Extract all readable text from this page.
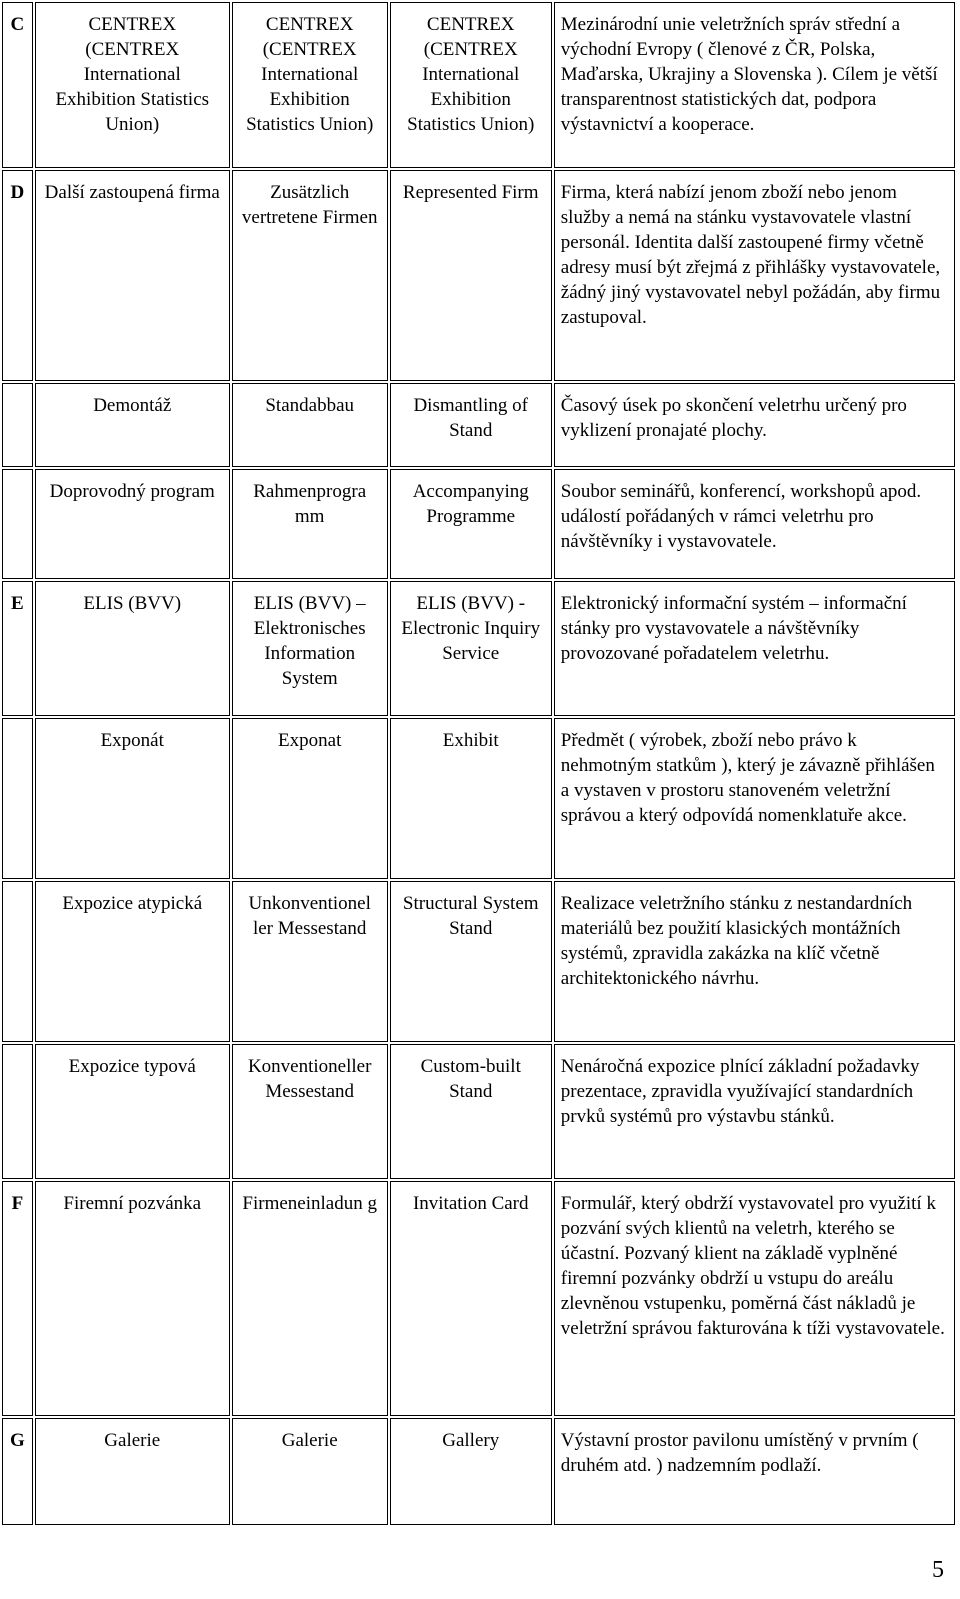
C	CENTREX (CENTREX International Exhibition Statistics Union)	CENTREX (CENTREX International Exhibition Statistics Union)	CENTREX (CENTREX International Exhibition Statistics Union)	Mezinárodní unie veletržních správ střední a východní Evropy ( členové z ČR, Polska, Maďarska, Ukrajiny a Slovenska ). Cílem je větší transparentnost statistických dat, podpora výstavnictví a kooperace.
D	Další zastoupená firma	Zusätzlich vertretene Firmen	Represented Firm	Firma, která nabízí jenom zboží nebo jenom služby a nemá na stánku vystavovatele vlastní personál. Identita další zastoupené firmy včetně adresy musí být zřejmá z přihlášky vystavovatele, žádný jiný vystavovatel nebyl požádán, aby firmu zastupoval.
	Demontáž	Standabbau	Dismantling of Stand	Časový úsek po skončení veletrhu určený pro vyklizení pronajaté plochy.
	Doprovodný program	Rahmenprogra mm	Accompanying Programme	Soubor seminářů, konferencí, workshopů apod. událostí pořádaných v rámci veletrhu pro návštěvníky i vystavovatele.
E	ELIS (BVV)	ELIS (BVV) – Elektronisches Information System	ELIS (BVV) - Electronic Inquiry Service	Elektronický informační systém – informační stánky pro vystavovatele a návštěvníky provozované pořadatelem veletrhu.
	Exponát	Exponat	Exhibit	Předmět ( výrobek, zboží nebo právo k nehmotným statkům ), který je závazně přihlášen a vystaven v prostoru stanoveném veletržní správou a který odpovídá nomenklatuře akce.
	Expozice atypická	Unkonventionel ler Messestand	Structural System Stand	Realizace veletržního stánku z nestandardních materiálů bez použití klasických montážních systémů, zpravidla zakázka na klíč včetně architektonického návrhu.
	Expozice typová	Konventioneller Messestand	Custom-built Stand	Nenáročná expozice plnící základní požadavky prezentace, zpravidla využívající standardních prvků systémů pro výstavbu stánků.
F	Firemní pozvánka	Firmeneinladun g	Invitation Card	Formulář, který obdrží vystavovatel pro využití k pozvání svých klientů na veletrh, kterého se účastní. Pozvaný klient na základě vyplněné firemní pozvánky obdrží u vstupu do areálu zlevněnou vstupenku, poměrná část nákladů je veletržní správou fakturována k tíži vystavovatele.
G	Galerie	Galerie	Gallery	Výstavní prostor pavilonu umístěný v prvním ( druhém atd. ) nadzemním podlaží.
5
